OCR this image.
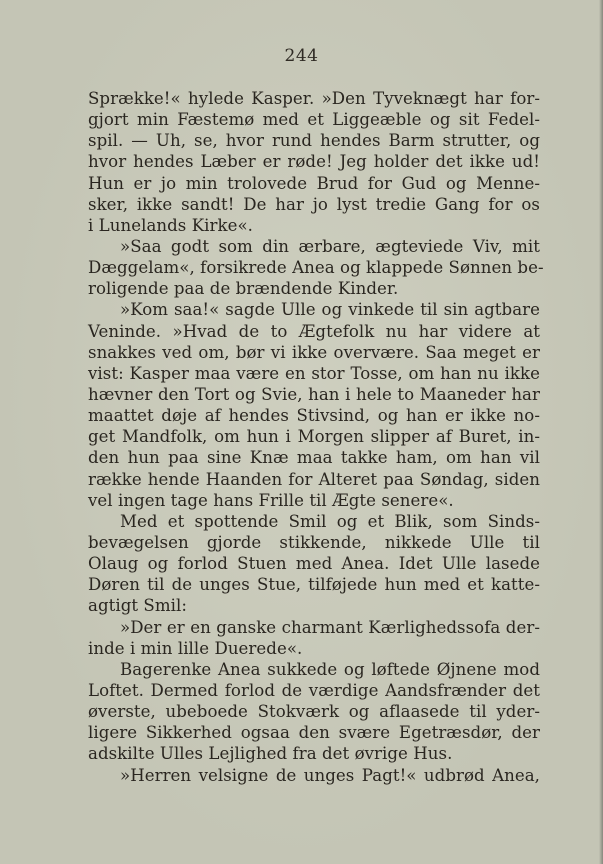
244
Sprække!« hylede Kasper. »Den Tyveknægt har for-
gjort min Fæstemø med et Liggeæble og sit Fedel-
spil. — Uh, se, hvor rund hendes Barm strutter, og
hvor hendes Læber er røde! Jeg holder det ikke ud!
Hun er jo min trolovede Brud for Gud og Menne-
sker, ikke sandt! De har jo lyst tredie Gang for os
i Lunelands Kirke«.
»Saa godt som din ærbare, ægteviede Viv, mit
Dæggelam«, forsikrede Anea og klappede Sønnen be-
roligende paa de brændende Kinder.
»Kom saa!« sagde Ulle og vinkede til sin agtbare
Veninde. »Hvad de to Ægtefolk nu har videre at
snakkes ved om, bør vi ikke overvære. Saa meget er
vist: Kasper maa være en stor Tosse, om han nu ikke
hævner den Tort og Svie, han i hele to Maaneder har
maattet døje af hendes Stivsind, og han er ikke no-
get Mandfolk, om hun i Morgen slipper af Buret, in-
den hun paa sine Knæ maa takke ham, om han vil
række hende Haanden for Alteret paa Søndag, siden
vel ingen tage hans Frille til Ægte senere«.
Med et spottende Smil og et Blik, som Sinds-
bevægelsen gjorde stikkende, nikkede Ulle til
Olaug og forlod Stuen med Anea. Idet Ulle lasede
Døren til de unges Stue, tilføjede hun med et katte-
agtigt Smil:
»Der er en ganske charmant Kærlighedssofa der-
inde i min lille Duerede«.
Bagerenke Anea sukkede og løftede Øjnene mod
Loftet. Dermed forlod de værdige Aandsfrænder det
øverste, ubeboede Stokværk og aflaasede til yder-
ligere Sikkerhed ogsaa den svære Egetræsdør, der
adskilte Ulles Lejlighed fra det øvrige Hus.
»Herren velsigne de unges Pagt!« udbrød Anea,
